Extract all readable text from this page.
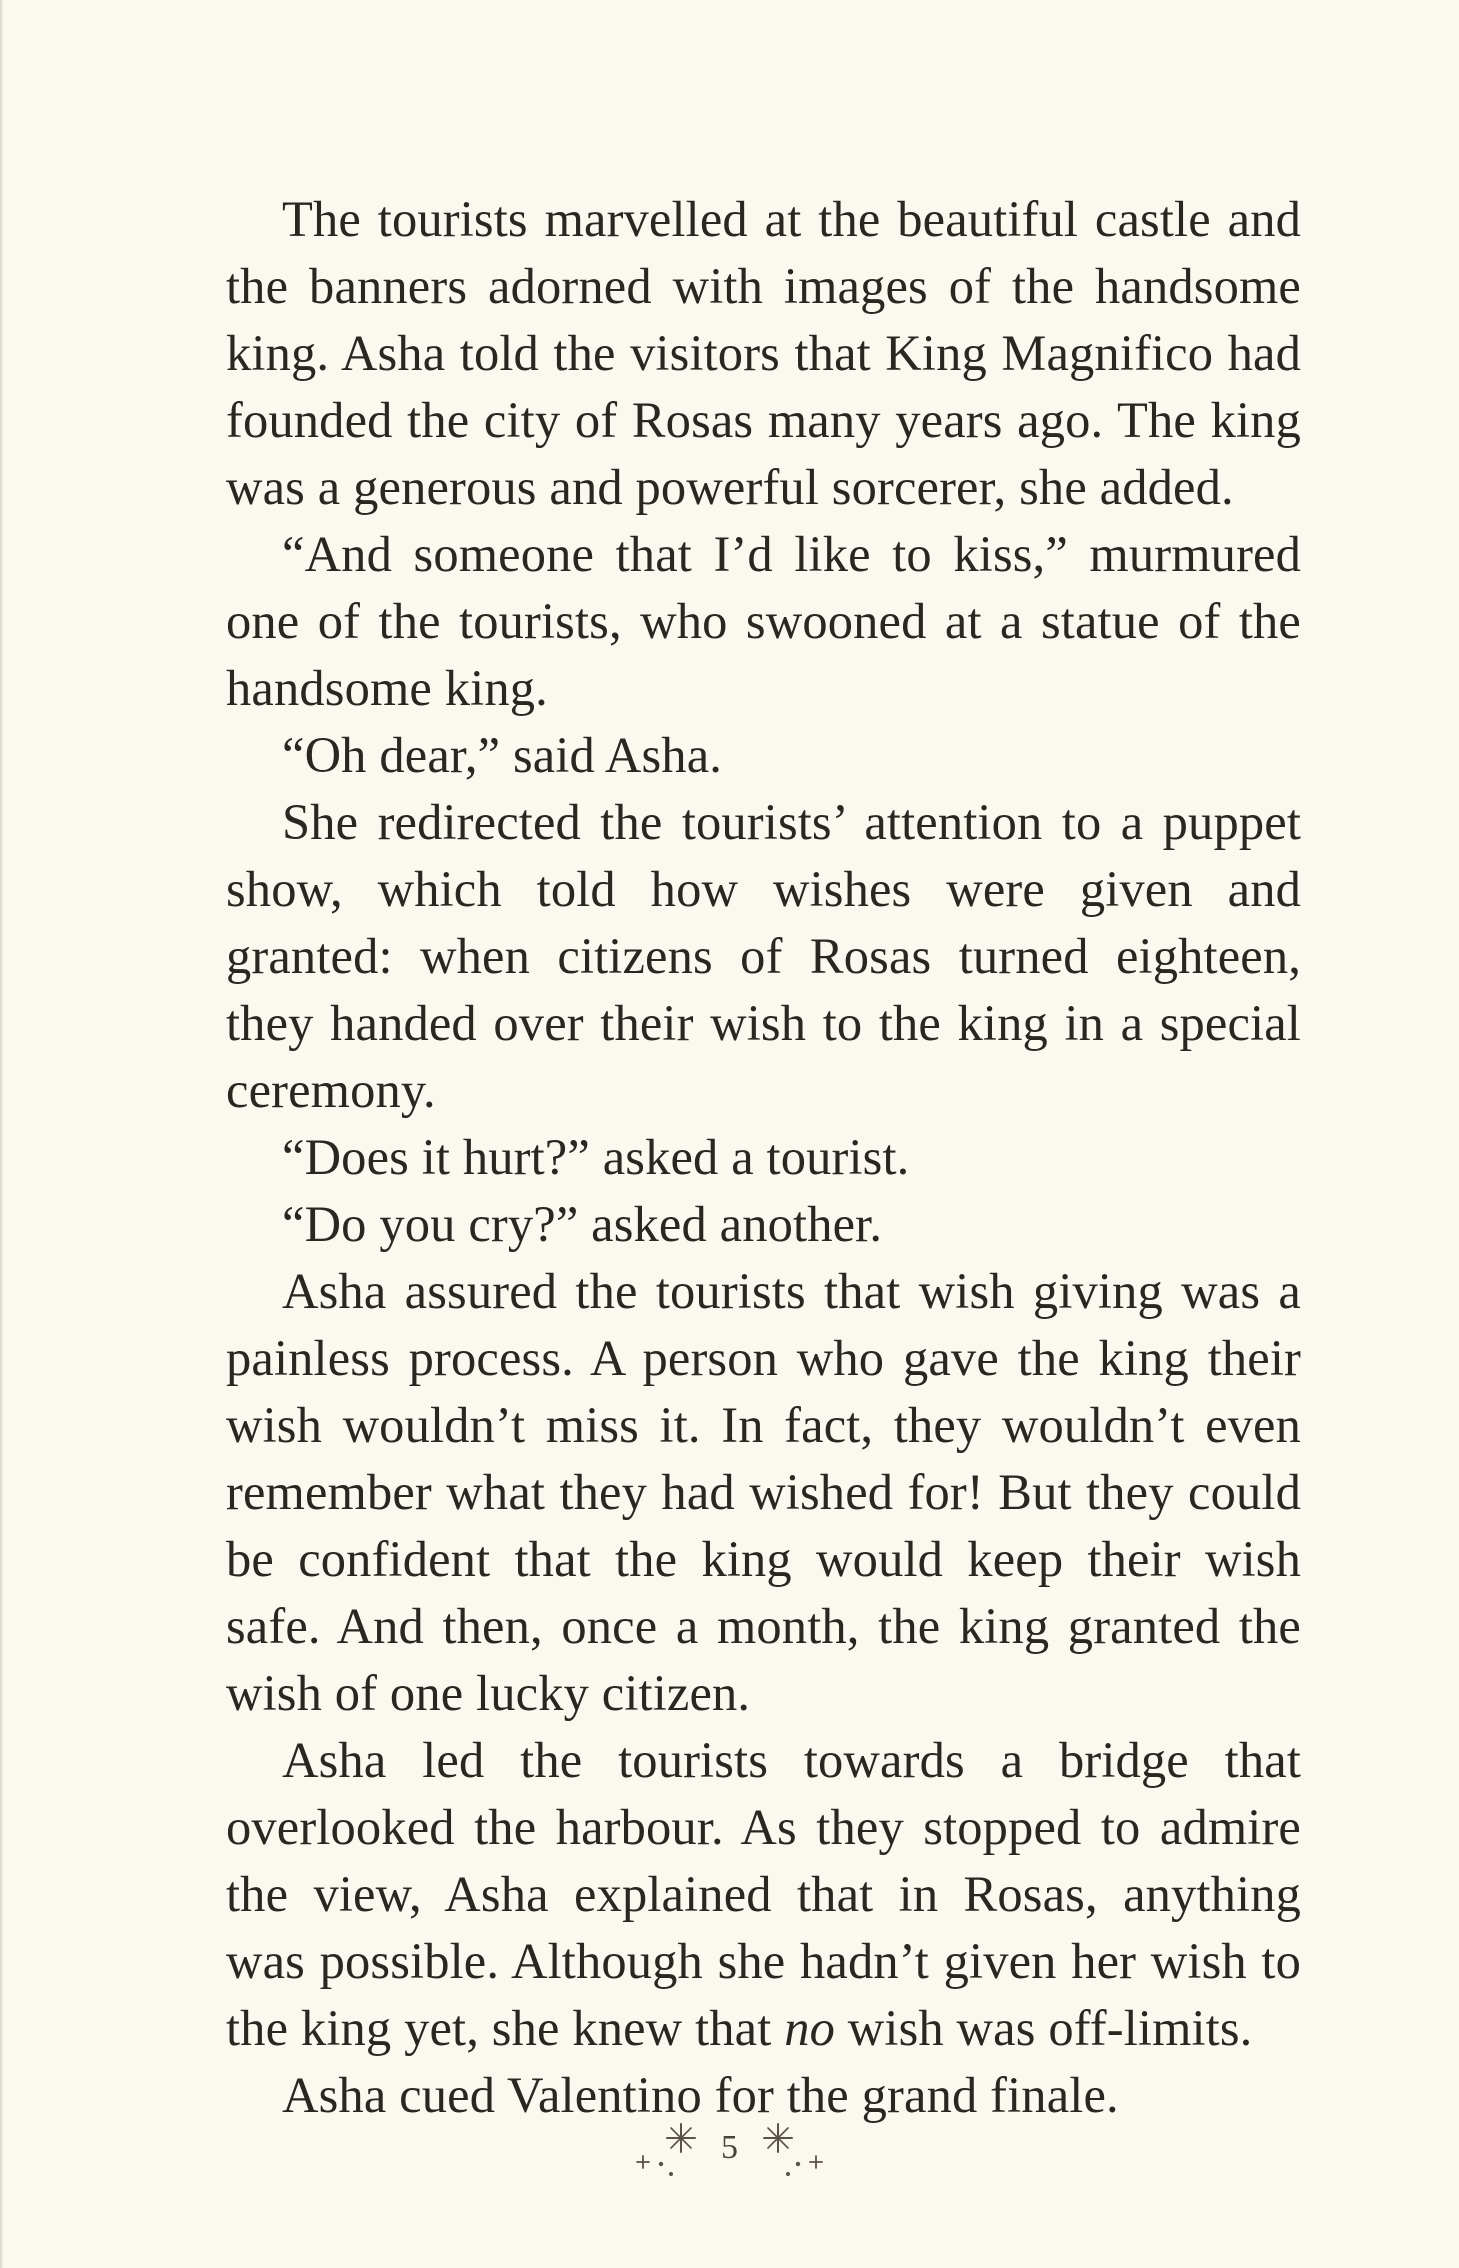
The tourists marvelled at the beautiful castle and the banners adorned with images of the handsome king. Asha told the visitors that King Magnifico had founded the city of Rosas many years ago. The king was a generous and powerful sorcerer, she added.

“And someone that I’d like to kiss,” murmured one of the tourists, who swooned at a statue of the handsome king.

“Oh dear,” said Asha.

She redirected the tourists’ attention to a puppet show, which told how wishes were given and granted: when citizens of Rosas turned eighteen, they handed over their wish to the king in a special ceremony.

“Does it hurt?” asked a tourist.

“Do you cry?” asked another.

Asha assured the tourists that wish giving was a painless process. A person who gave the king their wish wouldn’t miss it. In fact, they wouldn’t even remember what they had wished for! But they could be confident that the king would keep their wish safe. And then, once a month, the king granted the wish of one lucky citizen.

Asha led the tourists towards a bridge that overlooked the harbour. As they stopped to admire the view, Asha explained that in Rosas, anything was possible. Although she hadn’t given her wish to the king yet, she knew that no wish was off-limits.

Asha cued Valentino for the grand finale.

5
